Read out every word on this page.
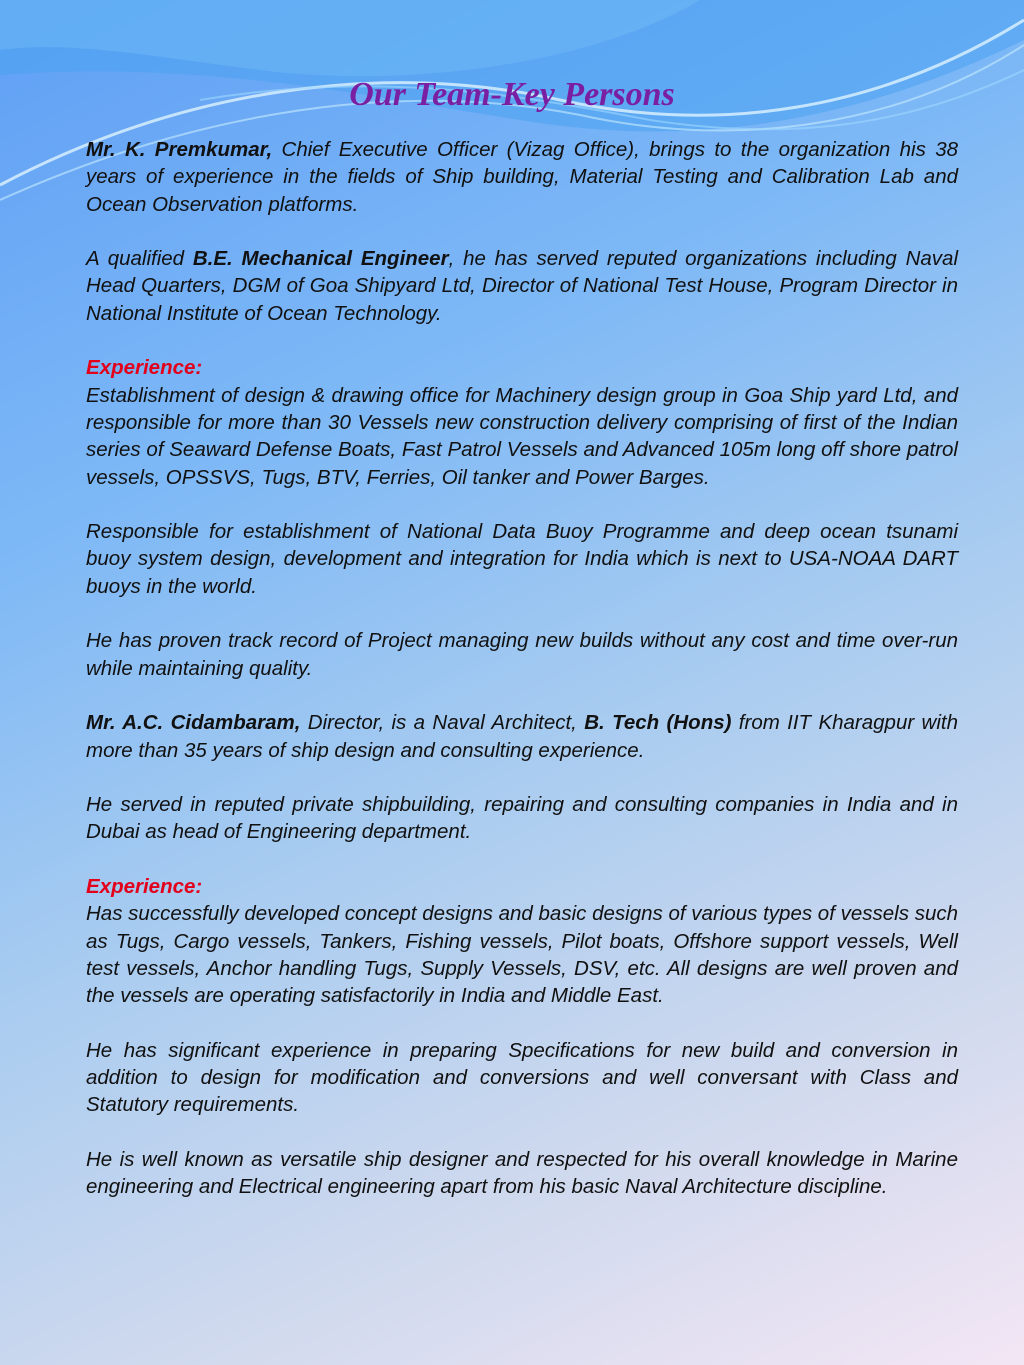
Our Team-Key Persons

Mr. K. Premkumar, Chief Executive Officer (Vizag Office), brings to the organization his 38 years of experience in the fields of Ship building, Material Testing and Calibration Lab and Ocean Observation platforms.

A qualified B.E. Mechanical Engineer, he has served reputed organizations including Naval Head Quarters, DGM of Goa Shipyard Ltd, Director of National Test House, Program Director in National Institute of Ocean Technology.

Experience:
Establishment of design & drawing office for Machinery design group in Goa Ship yard Ltd, and responsible for more than 30 Vessels new construction delivery comprising of first of the Indian series of Seaward Defense Boats, Fast Patrol Vessels and Advanced 105m long off shore patrol vessels, OPSSVS, Tugs, BTV, Ferries, Oil tanker and Power Barges.

Responsible for establishment of National Data Buoy Programme and deep ocean tsunami buoy system design, development and integration for India which is next to USA-NOAA DART buoys in the world.

He has proven track record of Project managing new builds without any cost and time over-run while maintaining quality.

Mr. A.C. Cidambaram, Director, is a Naval Architect, B. Tech (Hons) from IIT Kharagpur with more than 35 years of ship design and consulting experience.

He served in reputed private shipbuilding, repairing and consulting companies in India and in Dubai as head of Engineering department.

Experience:
Has successfully developed concept designs and basic designs of various types of vessels such as Tugs, Cargo vessels, Tankers, Fishing vessels, Pilot boats, Offshore support vessels, Well test vessels, Anchor handling Tugs, Supply Vessels, DSV, etc. All designs are well proven and the vessels are operating satisfactorily in India and Middle East.

He has significant experience in preparing Specifications for new build and conversion in addition to design for modification and conversions and well conversant with Class and Statutory requirements.

He is well known as versatile ship designer and respected for his overall knowledge in Marine engineering and Electrical engineering apart from his basic Naval Architecture discipline.
